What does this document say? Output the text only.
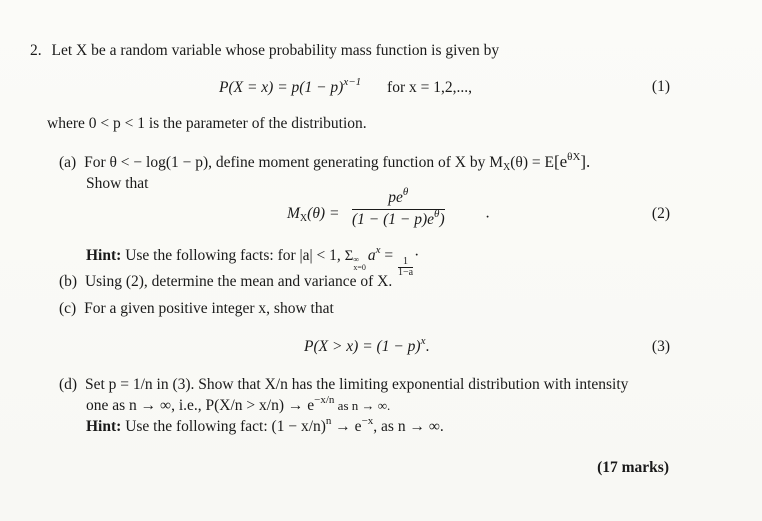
2. Let X be a random variable whose probability mass function is given by
$P(X = x) = p(1 - p)^{x-1}$ for x = 1,2,...,	(1)
where 0 < p < 1 is the parameter of the distribution.
(a) For θ < − log(1 − p), define moment generating function of X by $MX(\theta) = E[e^{\theta X}]$.
Show that
MX(θ) =
$pe^\theta$
$(1 - (1 - p)e^\theta)$	·	(2)
Hint: Use the following facts: for |a| < 1, Σ ∞
x=0
$a^x$ =
$\frac{1}{1-a}$
·
(b) Using (2), determine the mean and variance of X.
(c) For a given positive integer x, show that
$P(X > x) = (1 - p)^x$.	(3)
(d) Set p = 1/n in (3). Show that X/n has the limiting exponential distribution with intensity
one as n → ∞, i.e., $P(X/n > x/n) \to e^{-x/n}$ as n → ∞.
Hint: Use the following fact: $(1 - x/n)^n \to e^{-x}$, as n → ∞.
(17 marks)
